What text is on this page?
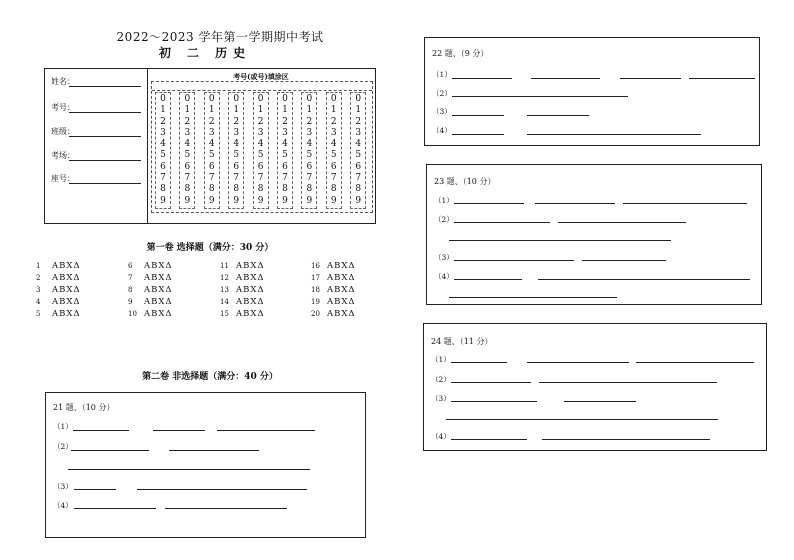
2022～2023 学年第一学期期中考试
初 二 历史
姓名：
考号：
班级：
考场：
座号：
考号(或号)填涂区
0
1
2
3
4
5
6
7
8
9
0
1
2
3
4
5
6
7
8
9
0
1
2
3
4
5
6
7
8
9
0
1
2
3
4
5
6
7
8
9
0
1
2
3
4
5
6
7
8
9
0
1
2
3
4
5
6
7
8
9
0
1
2
3
4
5
6
7
8
9
0
1
2
3
4
5
6
7
8
9
0
1
2
3
4
5
6
7
8
9
第一卷 选择题（满分：30 分）
1 ABXΔ
2 ABXΔ
3 ABXΔ
4 ABXΔ
5 ABXΔ
6 ABXΔ
7 ABXΔ
8 ABXΔ
9 ABXΔ
10 ABXΔ
11 ABXΔ
12 ABXΔ
13 ABXΔ
14 ABXΔ
15 ABXΔ
16 ABXΔ
17 ABXΔ
18 ABXΔ
19 ABXΔ
20 ABXΔ
第二卷 非选择题（满分：40 分）
21 题、（10 分）
（1）
（2）
（3）
（4）
22 题、（9 分）
（1）
（2）
（3）
（4）
23 题、（10 分）
（1）
（2）
（3）
（4）
24 题、（11 分）
（1）
（2）
（3）
（4）
